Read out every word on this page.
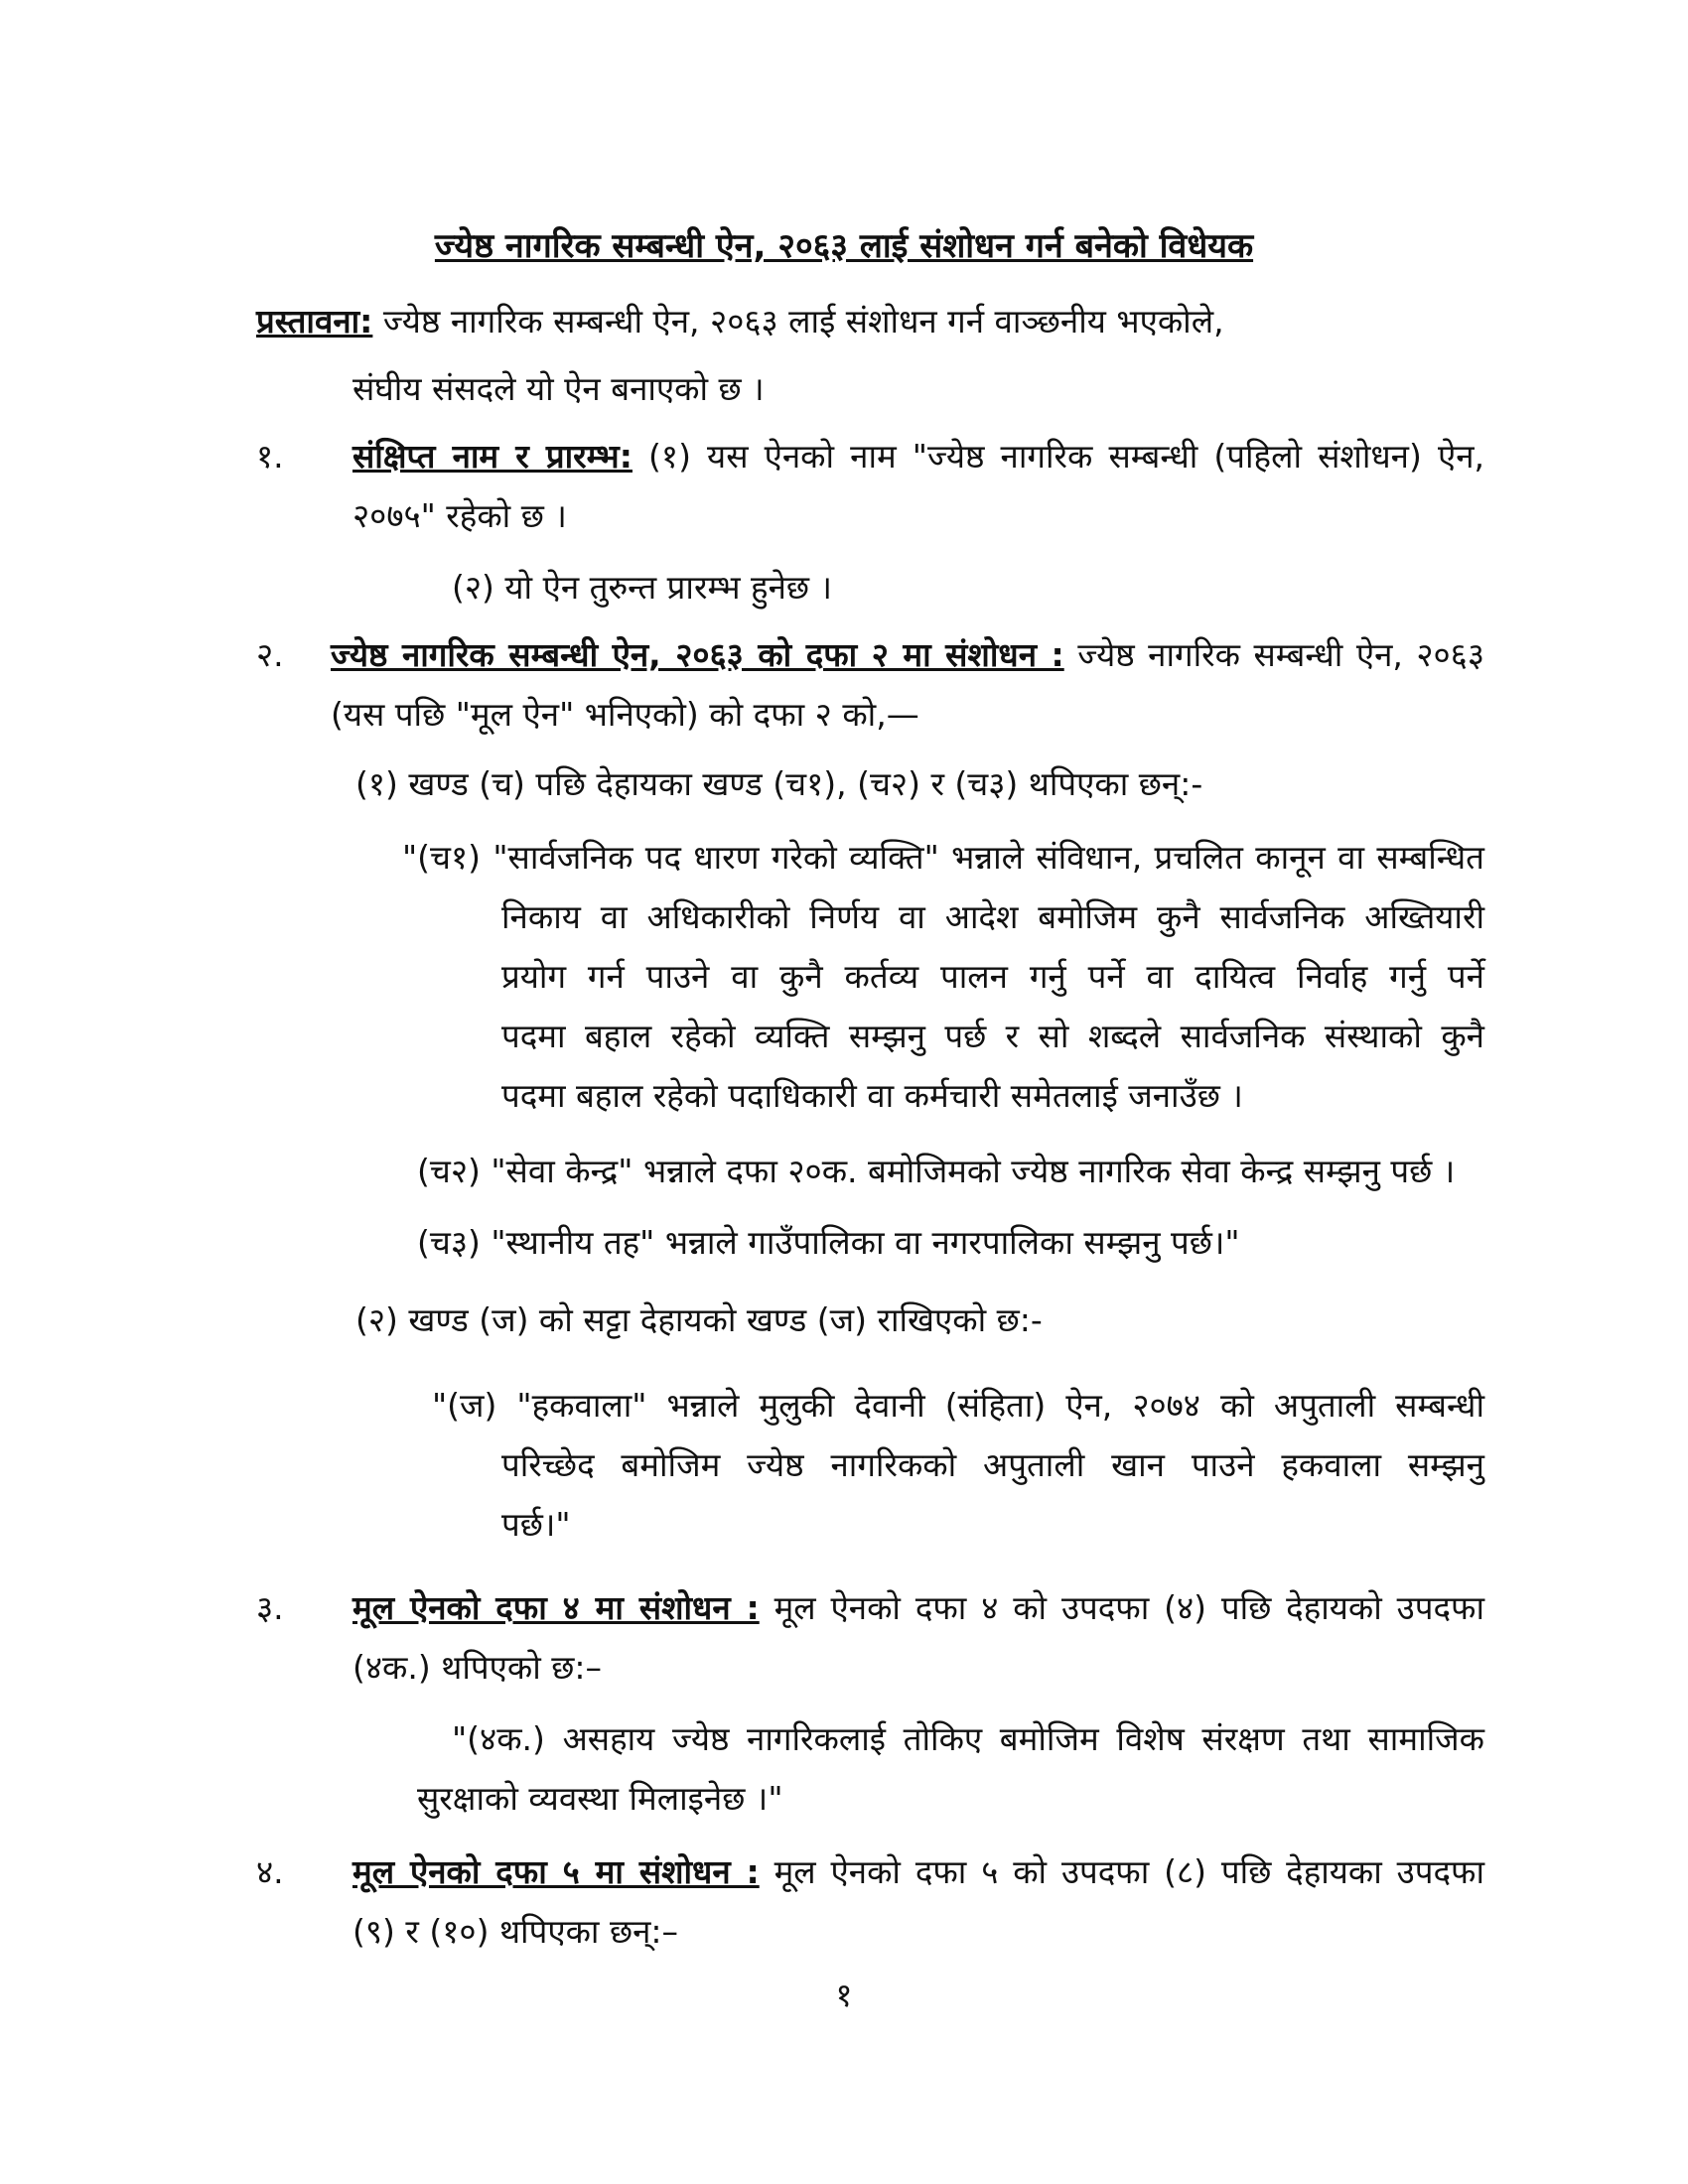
ज्येष्ठ नागरिक सम्बन्धी ऐन, २०६३ लाई संशोधन गर्न बनेको विधेयक

प्रस्तावना: ज्येष्ठ नागरिक सम्बन्धी ऐन, २०६३ लाई संशोधन गर्न वाञ्छनीय भएकोले,

संघीय संसदले यो ऐन बनाएको छ ।

१. संक्षिप्त नाम र प्रारम्भ: (१) यस ऐनको नाम "ज्येष्ठ नागरिक सम्बन्धी (पहिलो संशोधन) ऐन,

२०७५" रहेको छ ।

(२) यो ऐन तुरुन्त प्रारम्भ हुनेछ ।

२. ज्येष्ठ नागरिक सम्बन्धी ऐन, २०६३ को दफा २ मा संशोधन : ज्येष्ठ नागरिक सम्बन्धी ऐन, २०६३

(यस पछि "मूल ऐन" भनिएको) को दफा २ को,—

(१) खण्ड (च) पछि देहायका खण्ड (च१), (च२) र (च३) थपिएका छन्:-

"(च१) "सार्वजनिक पद धारण गरेको व्यक्ति" भन्नाले संविधान, प्रचलित कानून वा सम्बन्धित

निकाय वा अधिकारीको निर्णय वा आदेश बमोजिम कुनै सार्वजनिक अख्तियारी

प्रयोग गर्न पाउने वा कुनै कर्तव्य पालन गर्नु पर्ने वा दायित्व निर्वाह गर्नु पर्ने

पदमा बहाल रहेको व्यक्ति सम्झनु पर्छ र सो शब्दले सार्वजनिक संस्थाको कुनै

पदमा बहाल रहेको पदाधिकारी वा कर्मचारी समेतलाई जनाउँछ ।

(च२) "सेवा केन्द्र" भन्नाले दफा २०क. बमोजिमको ज्येष्ठ नागरिक सेवा केन्द्र सम्झनु पर्छ ।

(च३) "स्थानीय तह" भन्नाले गाउँपालिका वा नगरपालिका सम्झनु पर्छ।"

(२) खण्ड (ज) को सट्टा देहायको खण्ड (ज) राखिएको छ:-

"(ज) "हकवाला" भन्नाले मुलुकी देवानी (संहिता) ऐन, २०७४ को अपुताली सम्बन्धी

परिच्छेद बमोजिम ज्येष्ठ नागरिकको अपुताली खान पाउने हकवाला सम्झनु

पर्छ।"

३. मूल ऐनको दफा ४ मा संशोधन : मूल ऐनको दफा ४ को उपदफा (४) पछि देहायको उपदफा

(४क.) थपिएको छ:–

"(४क.) असहाय ज्येष्ठ नागरिकलाई तोकिए बमोजिम विशेष संरक्षण तथा सामाजिक

सुरक्षाको व्यवस्था मिलाइनेछ ।"

४. मूल ऐनको दफा ५ मा संशोधन : मूल ऐनको दफा ५ को उपदफा (८) पछि देहायका उपदफा

(९) र (१०) थपिएका छन्:–

१
